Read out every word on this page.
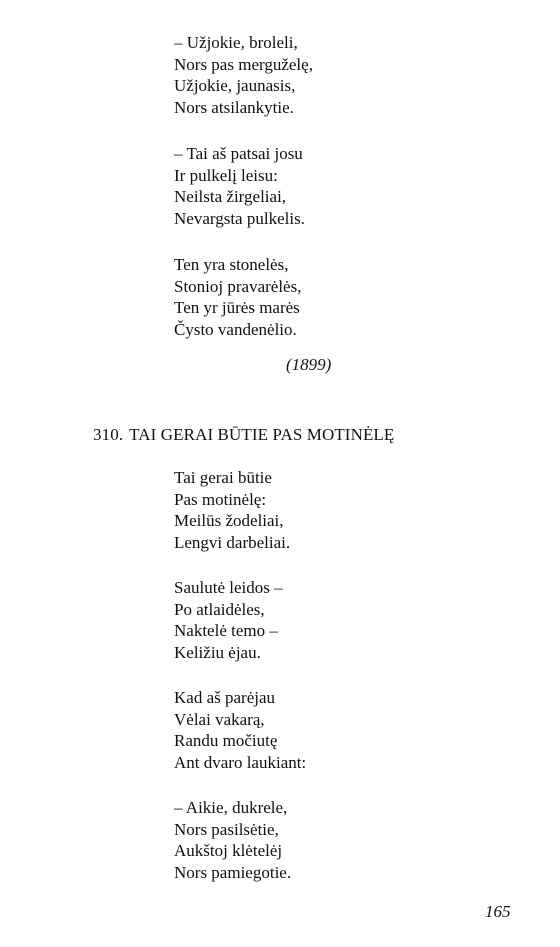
– Užjokie, broleli,
Nors pas merguželę,
Užjokie, jaunasis,
Nors atsilankytie.
– Tai aš patsai josu
Ir pulkelį leisu:
Neilsta žirgeliai,
Nevargsta pulkelis.
Ten yra stonelės,
Stonioj pravarėlės,
Ten yr jūrės marės
Čysto vandenėlio.
(1899)
310. TAI GERAI BŪTIE PAS MOTINĖLĘ
Tai gerai būtie
Pas motinėlę:
Meilūs žodeliai,
Lengvi darbeliai.
Saulutė leidos –
Po atlaidėles,
Naktelė temo –
Keližiu ėjau.
Kad aš parėjau
Vėlai vakarą,
Randu močiutę
Ant dvaro laukiant:
– Aikie, dukrele,
Nors pasilsėtie,
Aukštoj klėtelėj
Nors pamiegotie.
165
